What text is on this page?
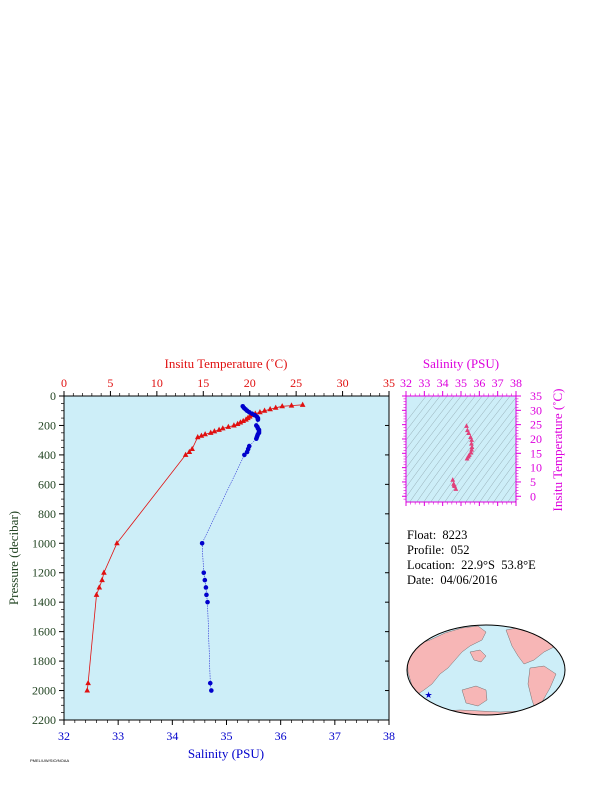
0
200
400
600
800
1000
1200
1400
1600
1800
2000
2200
0	5	10	15	20	25	30	35
32	33	34	35	36	37	38
Insitu Temperature (˚C)
Salinity (PSU)
Pressure (decibar)
32 33 34 35 36 37 38
0
5
10
15
20
25
30
35
Salinity (PSU)
Insitu Temperature (˚C)
★
Float: 8223
Profile: 052
Location: 22.9°S  53.8°E
Date: 04/06/2016
PMEL/UW/SIO/NOAA
